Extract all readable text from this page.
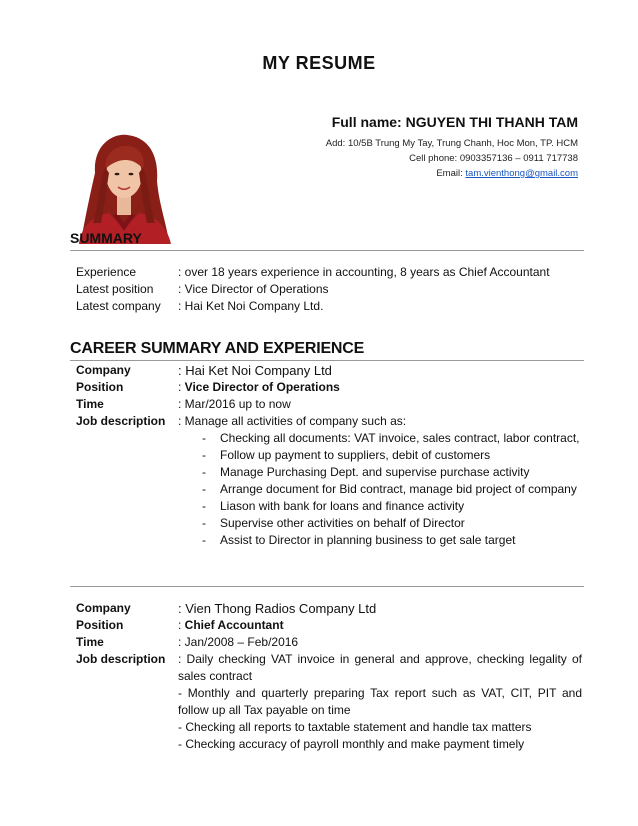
MY RESUME
Full name: NGUYEN THI THANH TAM
Add: 10/5B Trung My Tay, Trung Chanh, Hoc Mon, TP. HCM
Cell phone: 0903357136 – 0911 717738
Email: tam.vienthong@gmail.com
SUMMARY
Experience	: over 18 years experience in accounting, 8 years as Chief Accountant
Latest position	: Vice Director of Operations
Latest company	: Hai Ket Noi Company Ltd.
CAREER SUMMARY AND EXPERIENCE
Company	: Hai Ket Noi Company Ltd
Position	: Vice Director of Operations
Time	: Mar/2016 up to now
Job description	: Manage all activities of company such as:
- Checking all documents: VAT invoice, sales contract, labor contract,
- Follow up payment to suppliers, debit of customers
- Manage Purchasing Dept. and supervise purchase activity
- Arrange document for Bid contract, manage bid project of company
- Liason with bank for loans and finance activity
- Supervise other activities on behalf of Director
- Assist to Director in planning business to get sale target
Company	: Vien Thong Radios Company Ltd
Position	: Chief Accountant
Time	: Jan/2008 – Feb/2016
Job description	: Daily checking VAT invoice in general and approve, checking legality of sales contract
- Monthly and quarterly preparing Tax report such as VAT, CIT, PIT and follow up all Tax payable on time
- Checking all reports to taxtable statement and handle tax matters
- Checking accuracy of payroll monthly and make payment timely
